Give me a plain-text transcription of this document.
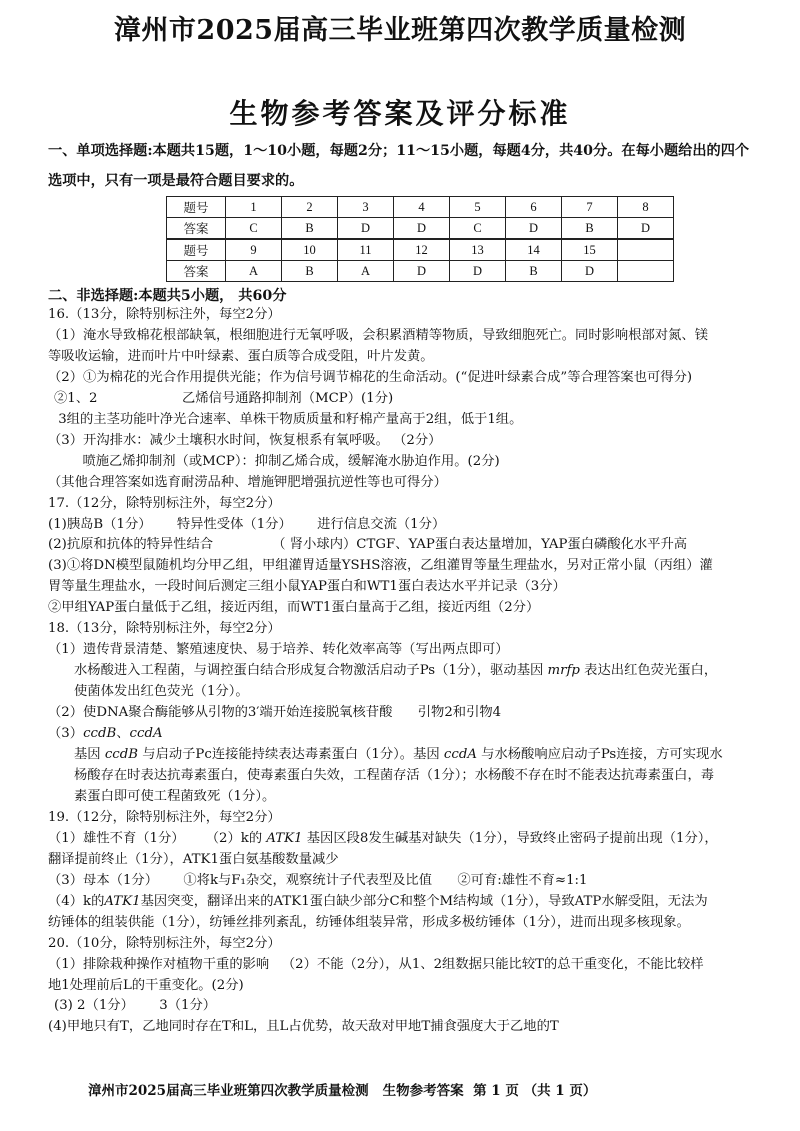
漳州市2025届高三毕业班第四次教学质量检测
生物参考答案及评分标准
一、单项选择题:本题共15题，1～10小题，每题2分；11～15小题，每题4分，共40分。在每小题给出的四个选项中，只有一项是最符合题目要求的。
题号	1	2	3	4	5	6	7	8
答案	C	B	D	D	C	D	B	D
题号	9	10	11	12	13	14	15	
答案	A	B	A	D	D	B	D	
二、非选择题:本题共5小题， 共60分
16.（13分，除特别标注外，每空2分）
（1）淹水导致棉花根部缺氧，根细胞进行无氧呼吸，会积累酒精等物质，导致细胞死亡。同时影响根部对氮、镁
等吸收运输，进而叶片中叶绿素、蛋白质等合成受阻，叶片发黄。
（2）①为棉花的光合作用提供光能；作为信号调节棉花的生命活动。(“促进叶绿素合成”等合理答案也可得分)
②1、2                    乙烯信号通路抑制剂（MCP）(1分)
3组的主茎功能叶净光合速率、单株干物质质量和籽棉产量高于2组，低于1组。
（3）开沟排水：减少土壤积水时间，恢复根系有氧呼吸。 （2分）
喷施乙烯抑制剂（或MCP）：抑制乙烯合成，缓解淹水胁迫作用。(2分)
（其他合理答案如选育耐涝品种、增施钾肥增强抗逆性等也可得分）
17.（12分，除特别标注外，每空2分）
(1)胰岛B（1分）      特异性受体（1分）      进行信息交流（1分）
(2)抗原和抗体的特异性结合              （ 肾小球内）CTGF、YAP蛋白表达量增加，YAP蛋白磷酸化水平升高
(3)①将DN模型鼠随机均分甲乙组，甲组灌胃适量YSHS溶液，乙组灌胃等量生理盐水，另对正常小鼠（丙组）灌
胃等量生理盐水，一段时间后测定三组小鼠YAP蛋白和WT1蛋白表达水平并记录（3分）
②甲组YAP蛋白量低于乙组，接近丙组，而WT1蛋白量高于乙组，接近丙组（2分）
18.（13分，除特别标注外，每空2分）
（1）遗传背景清楚、繁殖速度快、易于培养、转化效率高等（写出两点即可）
水杨酸进入工程菌，与调控蛋白结合形成复合物激活启动子Ps（1分），驱动基因 mrfp 表达出红色荧光蛋白，
使菌体发出红色荧光（1分）。
（2）使DNA聚合酶能够从引物的3′端开始连接脱氧核苷酸      引物2和引物4
（3）ccdB、ccdA
基因 ccdB 与启动子Pc连接能持续表达毒素蛋白（1分）。基因 ccdA 与水杨酸响应启动子Ps连接，方可实现水
杨酸存在时表达抗毒素蛋白，使毒素蛋白失效，工程菌存活（1分）；水杨酸不存在时不能表达抗毒素蛋白，毒
素蛋白即可使工程菌致死（1分）。
19.（12分，除特别标注外，每空2分）
（1）雄性不育（1分）     （2）k的 ATK1 基因区段8发生碱基对缺失（1分），导致终止密码子提前出现（1分），
翻译提前终止（1分），ATK1蛋白氨基酸数量减少
（3）母本（1分）      ①将k与F₁杂交，观察统计子代表型及比值      ②可育:雄性不育≈1:1
（4）k的ATK1基因突变，翻译出来的ATK1蛋白缺少部分C和整个M结构域（1分），导致ATP水解受阻，无法为
纺锤体的组装供能（1分），纺锤丝排列紊乱，纺锤体组装异常，形成多极纺锤体（1分），进而出现多核现象。
20.（10分，除特别标注外，每空2分）
（1）排除栽种操作对植物干重的影响   （2）不能（2分），从1、2组数据只能比较T的总干重变化，不能比较样
地1处理前后L的干重变化。(2分)
(3) 2（1分）      3（1分）
(4)甲地只有T，乙地同时存在T和L，且L占优势，故天敌对甲地T捕食强度大于乙地的T
漳州市2025届高三毕业班第四次教学质量检测   生物参考答案  第 1 页 （共 1 页）
